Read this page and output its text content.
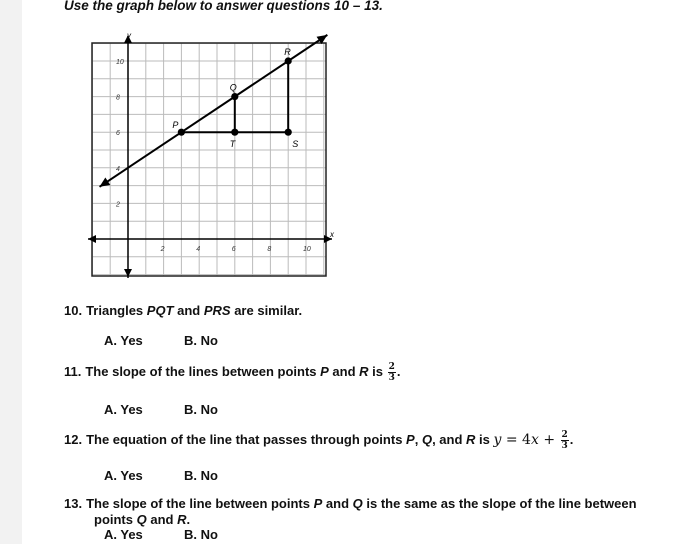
Use the graph below to answer questions 10 – 13.
x
y
2	4	6	8	10
2
4
6
8
10
P
Q
R
T	S
10. Triangles PQT and PRS are similar.
A. Yes	B. No
11. The slope of the lines between points P and R is $\frac{2}{3}$ .
A. Yes	B. No
12. The equation of the line that passes through points P, Q, and R is $y = 4x + \frac{2}{3}$ .
A. Yes	B. No
13. The slope of the line between points P and Q is the same as the slope of the line between
points Q and R.
A. Yes	B. No
